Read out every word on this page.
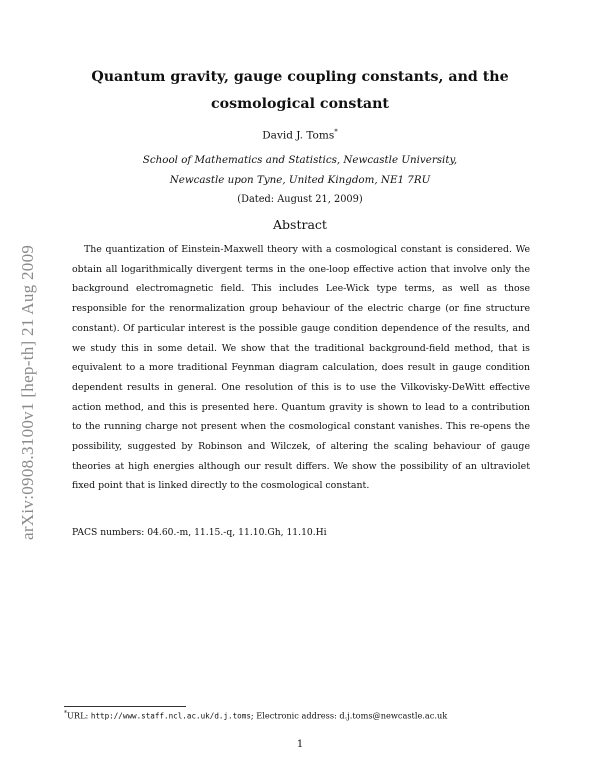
arXiv:0908.3100v1 [hep-th] 21 Aug 2009
Quantum gravity, gauge coupling constants, and the cosmological constant
David J. Toms*
School of Mathematics and Statistics, Newcastle University,
Newcastle upon Tyne, United Kingdom, NE1 7RU
(Dated: August 21, 2009)
Abstract

The quantization of Einstein-Maxwell theory with a cosmological constant is considered. We obtain all logarithmically divergent terms in the one-loop effective action that involve only the background electromagnetic field. This includes Lee-Wick type terms, as well as those responsible for the renormalization group behaviour of the electric charge (or fine structure constant). Of particular interest is the possible gauge condition dependence of the results, and we study this in some detail. We show that the traditional background-field method, that is equivalent to a more traditional Feynman diagram calculation, does result in gauge condition dependent results in general. One resolution of this is to use the Vilkovisky-DeWitt effective action method, and this is presented here. Quantum gravity is shown to lead to a contribution to the running charge not present when the cosmological constant vanishes. This re-opens the possibility, suggested by Robinson and Wilczek, of altering the scaling behaviour of gauge theories at high energies although our result differs. We show the possibility of an ultraviolet fixed point that is linked directly to the cosmological constant.

PACS numbers: 04.60.-m, 11.15.-q, 11.10.Gh, 11.10.Hi
*URL: http://www.staff.ncl.ac.uk/d.j.toms; Electronic address: d.j.toms@newcastle.ac.uk
1
